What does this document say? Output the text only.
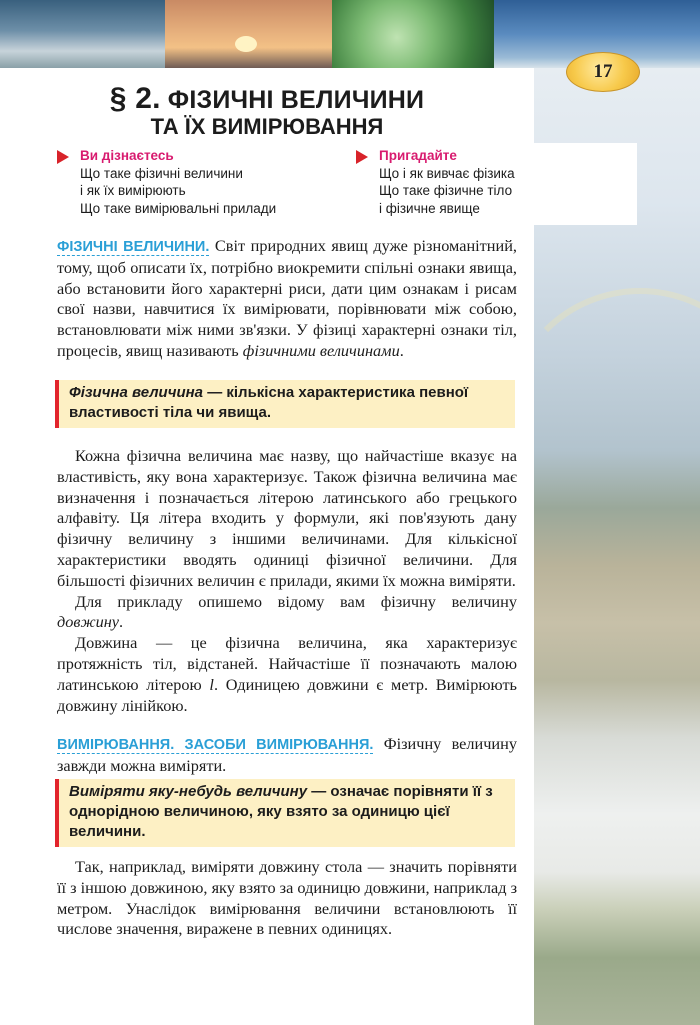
17
§ 2. ФІЗИЧНІ ВЕЛИЧИНИ
ТА ЇХ ВИМІРЮВАННЯ
Ви дізнаєтесь
Що таке фізичні величини
і як їх вимірюють
Що таке вимірювальні прилади
Пригадайте
Що і як вивчає фізика
Що таке фізичне тіло
і фізичне явище

ФІЗИЧНІ ВЕЛИЧИНИ. Світ природних явищ дуже різноманітний, тому, щоб описати їх, потрібно виокремити спільні ознаки явища, або встановити його характерні риси, дати цим ознакам і рисам свої назви, навчитися їх вимірювати, порівнювати між собою, встановлювати між ними зв'язки. У фізиці характерні ознаки тіл, процесів, явищ називають фізичними величинами.

Фізична величина — кількісна характеристика певної властивості тіла чи явища.

Кожна фізична величина має назву, що найчастіше вказує на властивість, яку вона характеризує. Також фізична величина має визначення і позначається літерою латинського або грецького алфавіту. Ця літера входить у формули, які пов'язують дану фізичну величину з іншими величинами. Для кількісної характеристики вводять одиниці фізичної величини. Для більшості фізичних величин є прилади, якими їх можна виміряти.

Для прикладу опишемо відому вам фізичну величину довжину.

Довжина — це фізична величина, яка характеризує протяжність тіл, відстаней. Найчастіше її позначають малою латинською літерою l. Одиницею довжини є метр. Вимірюють довжину лінійкою.

ВИМІРЮВАННЯ. ЗАСОБИ ВИМІРЮВАННЯ. Фізичну величину завжди можна виміряти.

Виміряти яку-небудь величину — означає порівняти її з однорідною величиною, яку взято за одиницю цієї величини.

Так, наприклад, виміряти довжину стола — значить порівняти її з іншою довжиною, яку взято за одиницю довжини, наприклад з метром. Унаслідок вимірювання величини встановлюють її числове значення, виражене в певних одиницях.
